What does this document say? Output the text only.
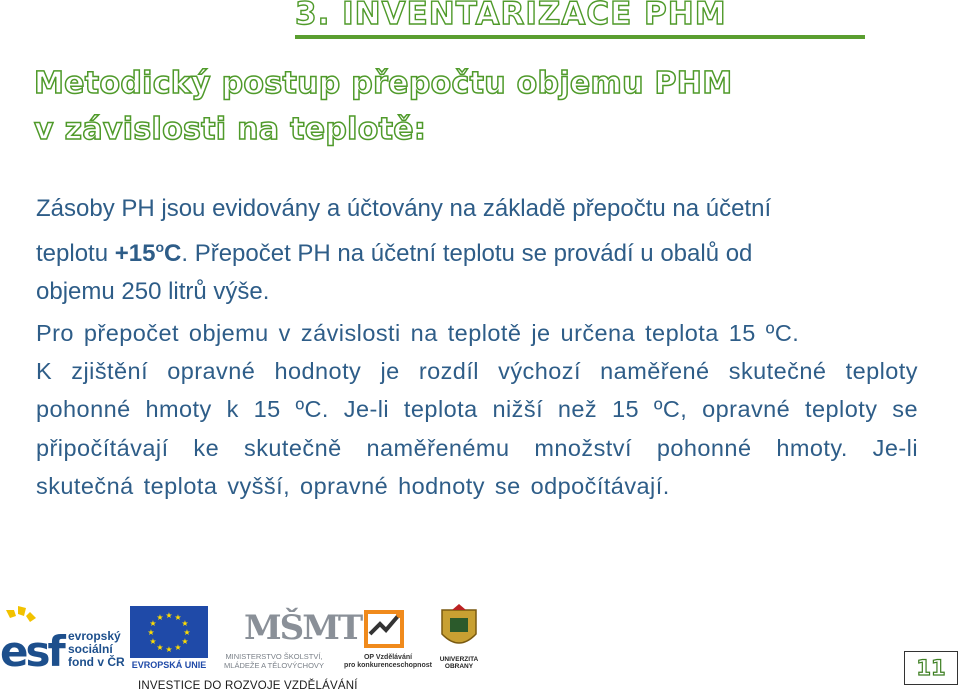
3. INVENTARIZACE PHM
Metodický postup přepočtu objemu PHM
v závislosti na teplotě:
Zásoby PH jsou evidovány a účtovány na základě přepočtu na účetní
teplotu $+15^oC$. Přepočet PH na účetní teplotu se provádí u obalů od
objemu 250 litrů výše.
Pro přepočet objemu v závislosti na teplotě je určena teplota 15 ºC.
K zjištění opravné hodnoty je rozdíl výchozí naměřené skutečné teploty pohonné hmoty k 15 ºC. Je-li teplota nižší než 15 ºC, opravné teploty se připočítávají ke skutečně naměřenému množství pohonné hmoty. Je-li skutečná teplota vyšší, opravné hodnoty se odpočítávají.
esf evropský
sociální
fond v ČR
★ ★
★
★
★
★
★
★
★
★
★
★
EVROPSKÁ UNIE
MŠMT
MINISTERSTVO ŠKOLSTVÍ,
MLÁDEŽE A TĚLOVÝCHOVY
OP Vzdělávání
pro konkurenceschopnost
UNIVERZITA
OBRANY
INVESTICE DO ROZVOJE VZDĚLÁVÁNÍ
11
